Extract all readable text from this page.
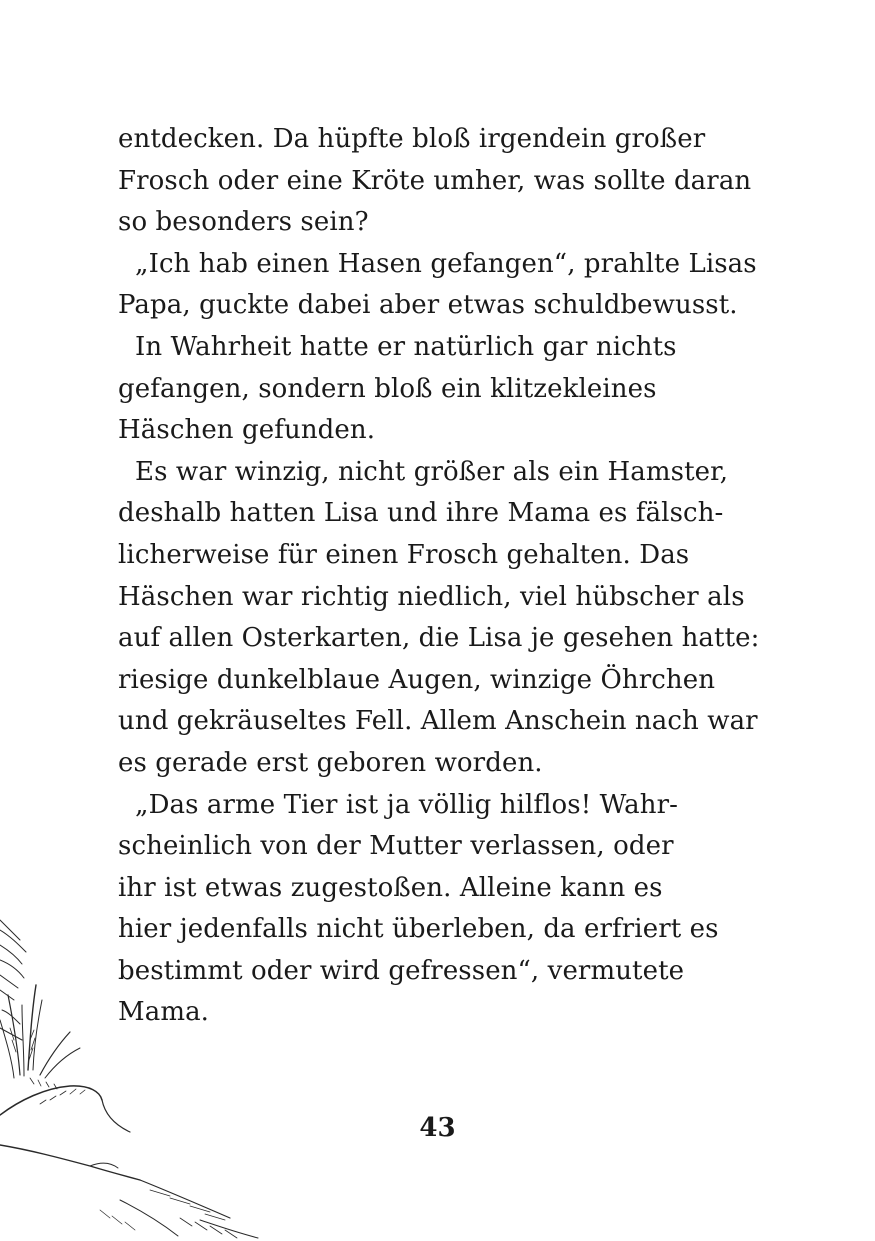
entdecken. Da hüpfte bloß irgendein großer
Frosch oder eine Kröte umher, was sollte daran
so besonders sein?
„Ich hab einen Hasen gefangen“, prahlte Lisas
Papa, guckte dabei aber etwas schuldbewusst.
In Wahrheit hatte er natürlich gar nichts
gefangen, sondern bloß ein klitzekleines
Häschen gefunden.
Es war winzig, nicht größer als ein Hamster,
deshalb hatten Lisa und ihre Mama es fälsch-
licherweise für einen Frosch gehalten. Das
Häschen war richtig niedlich, viel hübscher als
auf allen Osterkarten, die Lisa je gesehen hatte:
riesige dunkelblaue Augen, winzige Öhrchen
und gekräuseltes Fell. Allem Anschein nach war
es gerade erst geboren worden.
„Das arme Tier ist ja völlig hilflos! Wahr-
scheinlich von der Mutter verlassen, oder
ihr ist etwas zugestoßen. Alleine kann es
hier jedenfalls nicht überleben, da erfriert es
bestimmt oder wird gefressen“, vermutete
Mama.
43
